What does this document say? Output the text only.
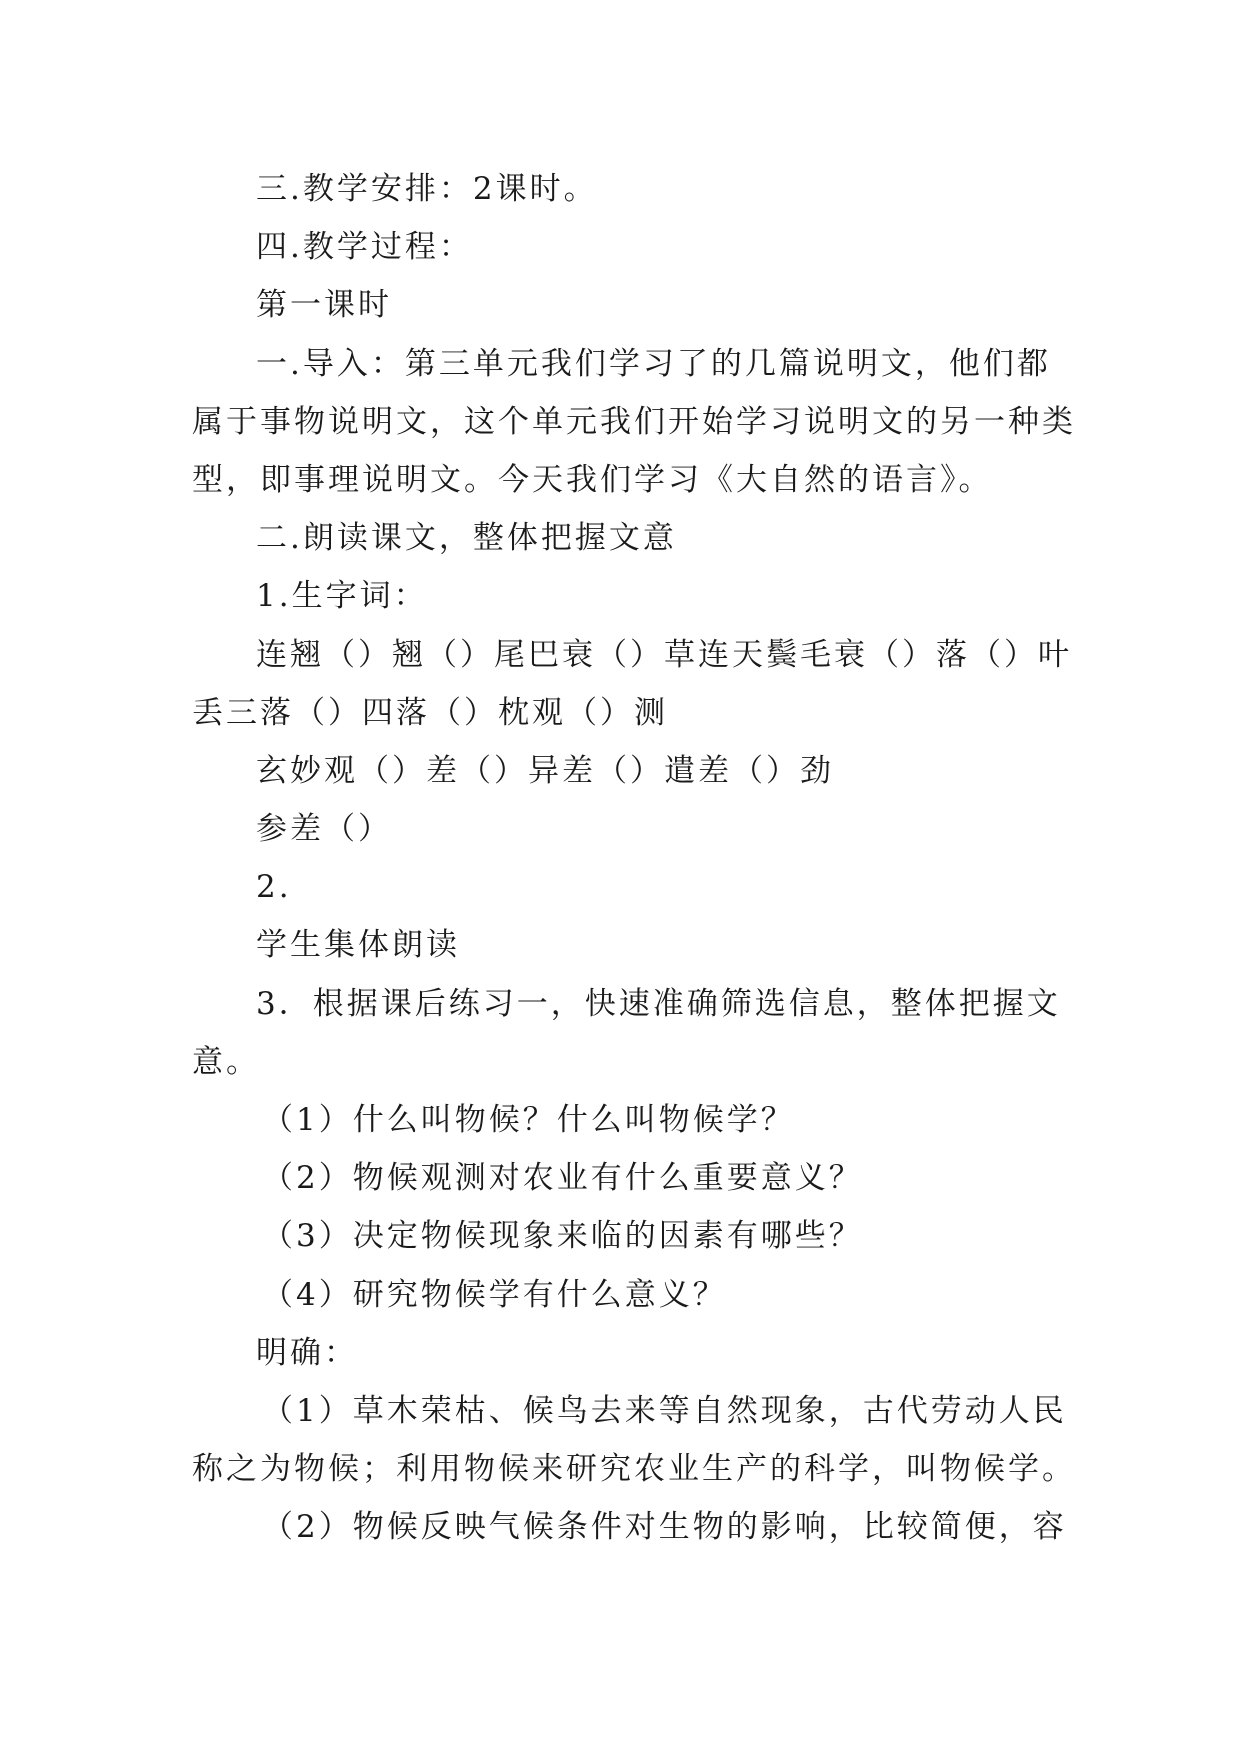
三.教学安排：2课时。
四.教学过程：
第一课时
一.导入：第三单元我们学习了的几篇说明文，他们都
属于事物说明文，这个单元我们开始学习说明文的另一种类
型，即事理说明文。今天我们学习《大自然的语言》。
二.朗读课文，整体把握文意
1.生字词：
连翘（）翘（）尾巴衰（）草连天鬓毛衰（）落（）叶
丢三落（）四落（）枕观（）测
玄妙观（）差（）异差（）遣差（）劲
参差（）
2.
学生集体朗读
3．根据课后练习一，快速准确筛选信息，整体把握文
意。
（1）什么叫物候？什么叫物候学？
（2）物候观测对农业有什么重要意义？
（3）决定物候现象来临的因素有哪些？
（4）研究物候学有什么意义？
明确：
（1）草木荣枯、候鸟去来等自然现象，古代劳动人民
称之为物候；利用物候来研究农业生产的科学，叫物候学。
（2）物候反映气候条件对生物的影响，比较简便，容
